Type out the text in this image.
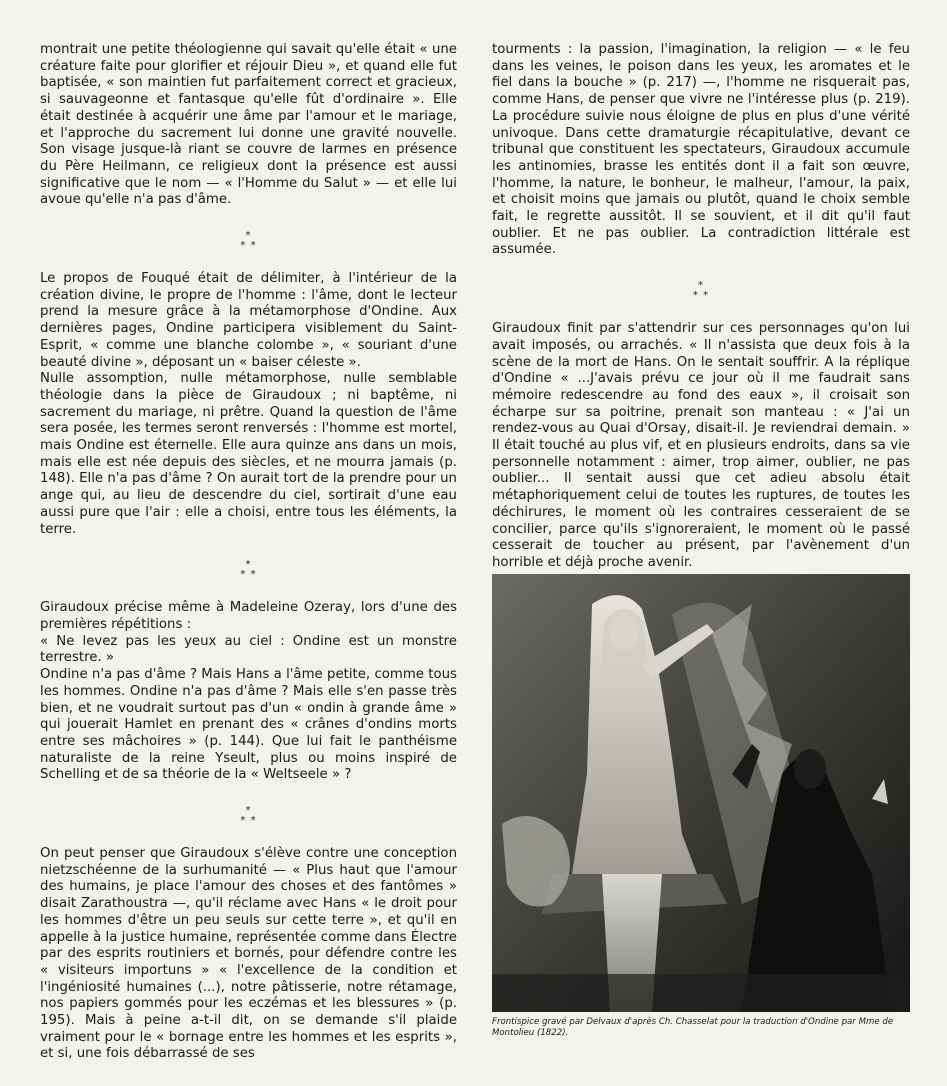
montrait une petite théologienne qui savait qu'elle était « une créature faite pour glorifier et réjouir Dieu », et quand elle fut baptisée, « son maintien fut parfaitement correct et gracieux, si sauvageonne et fantasque qu'elle fût d'ordinaire ». Elle était destinée à acquérir une âme par l'amour et le mariage, et l'approche du sacrement lui donne une gravité nouvelle. Son visage jusque-là riant se couvre de larmes en présence du Père Heilmann, ce religieux dont la présence est aussi significative que le nom — « l'Homme du Salut » — et elle lui avoue qu'elle n'a pas d'âme.

*
* *

Le propos de Fouqué était de délimiter, à l'intérieur de la création divine, le propre de l'homme : l'âme, dont le lecteur prend la mesure grâce à la métamorphose d'Ondine. Aux dernières pages, Ondine participera visiblement du Saint-Esprit, « comme une blanche colombe », « souriant d'une beauté divine », déposant un « baiser céleste ».

Nulle assomption, nulle métamorphose, nulle semblable théologie dans la pièce de Giraudoux ; ni baptême, ni sacrement du mariage, ni prêtre. Quand la question de l'âme sera posée, les termes seront renversés : l'homme est mortel, mais Ondine est éternelle. Elle aura quinze ans dans un mois, mais elle est née depuis des siècles, et ne mourra jamais (p. 148). Elle n'a pas d'âme ? On aurait tort de la prendre pour un ange qui, au lieu de descendre du ciel, sortirait d'une eau aussi pure que l'air : elle a choisi, entre tous les éléments, la terre.

*
* *

Giraudoux précise même à Madeleine Ozeray, lors d'une des premières répétitions :

« Ne levez pas les yeux au ciel : Ondine est un monstre terrestre. »

Ondine n'a pas d'âme ? Mais Hans a l'âme petite, comme tous les hommes. Ondine n'a pas d'âme ? Mais elle s'en passe très bien, et ne voudrait surtout pas d'un « ondin à grande âme » qui jouerait Hamlet en prenant des « crânes d'ondins morts entre ses mâchoires » (p. 144). Que lui fait le panthéisme naturaliste de la reine Yseult, plus ou moins inspiré de Schelling et de sa théorie de la « Weltseele » ?

*
* *

On peut penser que Giraudoux s'élève contre une conception nietzschéenne de la surhumanité — « Plus haut que l'amour des humains, je place l'amour des choses et des fantômes » disait Zarathoustra —, qu'il réclame avec Hans « le droit pour les hommes d'être un peu seuls sur cette terre », et qu'il en appelle à la justice humaine, représentée comme dans Électre par des esprits routiniers et bornés, pour défendre contre les « visiteurs importuns » « l'excellence de la condition et l'ingéniosité humaines (...), notre pâtisserie, notre rétamage, nos papiers gommés pour les eczémas et les blessures » (p. 195). Mais à peine a-t-il dit, on se demande s'il plaide vraiment pour le « bornage entre les hommes et les esprits », et si, une fois débarrassé de ses

tourments : la passion, l'imagination, la religion — « le feu dans les veines, le poison dans les yeux, les aromates et le fiel dans la bouche » (p. 217) —, l'homme ne risquerait pas, comme Hans, de penser que vivre ne l'intéresse plus (p. 219). La procédure suivie nous éloigne de plus en plus d'une vérité univoque. Dans cette dramaturgie récapitulative, devant ce tribunal que constituent les spectateurs, Giraudoux accumule les antinomies, brasse les entités dont il a fait son œuvre, l'homme, la nature, le bonheur, le malheur, l'amour, la paix, et choisit moins que jamais ou plutôt, quand le choix semble fait, le regrette aussitôt. Il se souvient, et il dit qu'il faut oublier. Et ne pas oublier. La contradiction littérale est assumée.

*
* *

Giraudoux finit par s'attendrir sur ces personnages qu'on lui avait imposés, ou arrachés. « Il n'assista que deux fois à la scène de la mort de Hans. On le sentait souffrir. A la réplique d'Ondine « ...J'avais prévu ce jour où il me faudrait sans mémoire redescendre au fond des eaux », il croisait son écharpe sur sa poitrine, prenait son manteau : « J'ai un rendez-vous au Quai d'Orsay, disait-il. Je reviendrai demain. » Il était touché au plus vif, et en plusieurs endroits, dans sa vie personnelle notamment : aimer, trop aimer, oublier, ne pas oublier... Il sentait aussi que cet adieu absolu était métaphoriquement celui de toutes les ruptures, de toutes les déchirures, le moment où les contraires cesseraient de se concilier, parce qu'ils s'ignoreraient, le moment où le passé cesserait de toucher au présent, par l'avènement d'un horrible et déjà proche avenir.

Frontispice gravé par Delvaux d'après Ch. Chasselat pour la traduction d'Ondine par Mme de Montolieu (1822).
